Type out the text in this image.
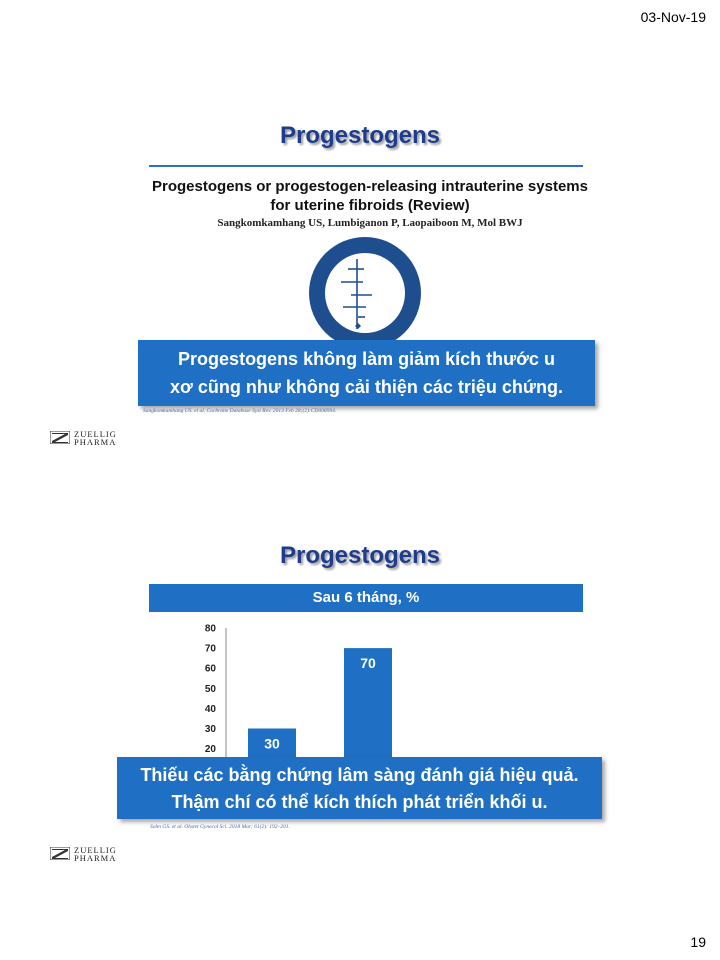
03-Nov-19
Progestogens
Progestogens or progestogen-releasing intrauterine systems
for uterine fibroids (Review)
Sangkomkamhang US, Lumbiganon P, Laopaiboon M, Mol BWJ
Progestogens không làm giảm kích thước u
xơ cũng như không cải thiện các triệu chứng.
Sangkomkamhang US. et al. Cochrane Database Syst Rev. 2013 Feb 28;(2):CD008994.
ZUELLIG
PHARMA
Progestogens
Sau 6 tháng, %
20
30
40
50
60
70
80
30
70
Thiếu các bằng chứng lâm sàng đánh giá hiệu quả.
Thậm chí có thể kích thích phát triển khối u.
Sohn GS. et al. Obstet Gynecol Sci. 2018 Mar; 61(2): 192–201.
ZUELLIG
PHARMA
19
